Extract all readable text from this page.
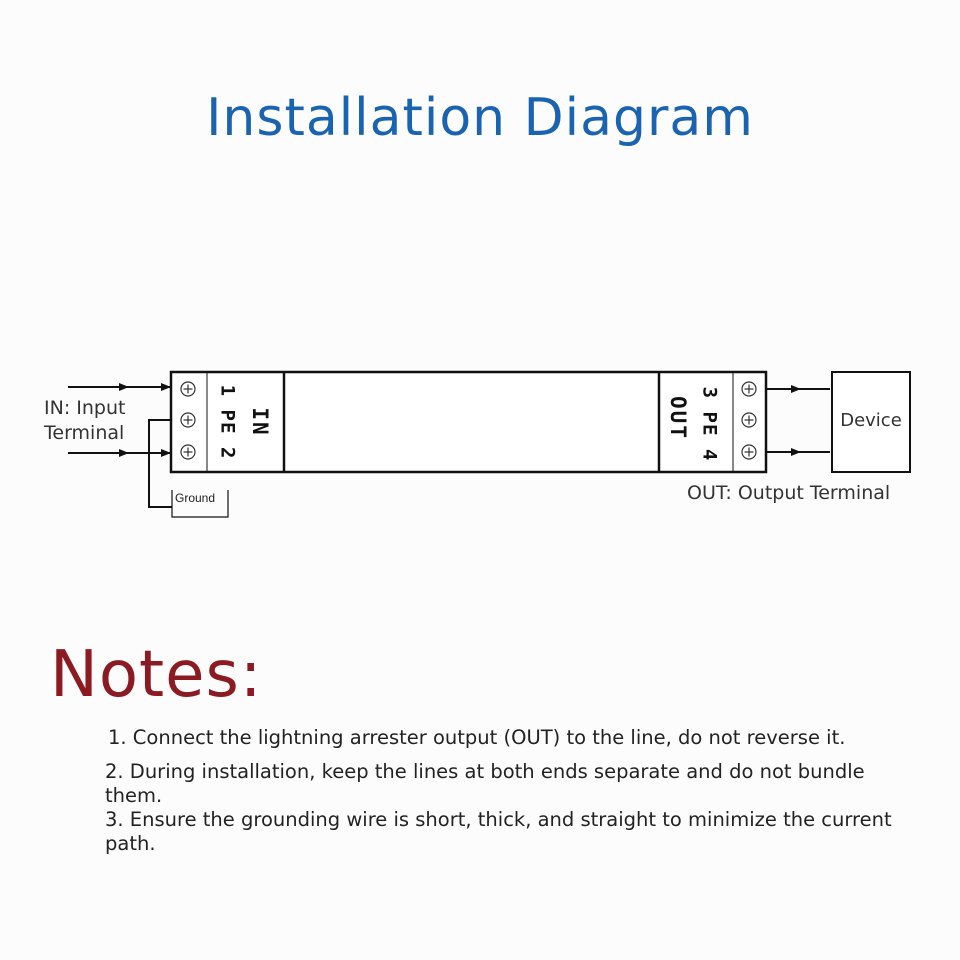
Installation Diagram
1 PE 2 IN	3 PE 4
OUT
Ground
Device
IN: Input
Terminal
OUT: Output Terminal
Notes:

1. Connect the lightning arrester output (OUT) to the line, do not reverse it.

2. During installation, keep the lines at both ends separate and do not bundle them.

3. Ensure the grounding wire is short, thick, and straight to minimize the current path.
